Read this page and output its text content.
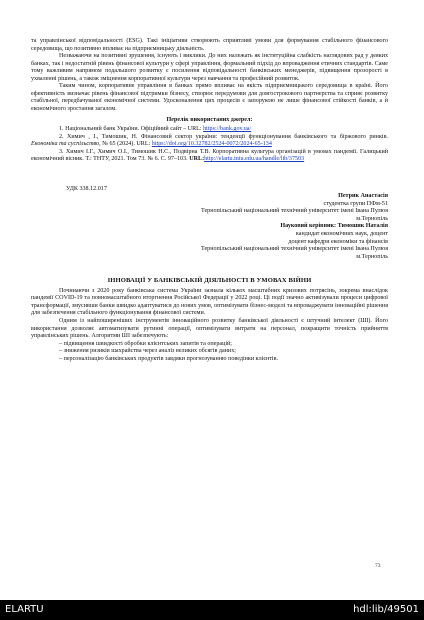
та управлінської відповідальності (ESG). Такі ініціативи створюють сприятливі умови для формування стабільного фінансового середовища, що позитивно впливає на підприємницьку діяльність.

Незважаючи на позитивні зрушення, існують і виклики. До них належать як інституційна слабкість наглядових рад у деяких банках, так і недостатній рівень фінансової культури у сфері управління, формальний підхід до впровадження етичних стандартів. Саме тому важливим напрямом подальшого розвитку є посилення відповідальності банківських менеджерів, підвищення прозорості в ухваленні рішень, а також зміцнення корпоративної культури через навчання та професійний розвиток.

Таким чином, корпоративне управління в банках прямо впливає на якість підприємницького середовища в країні. Його ефективність визначає рівень фінансової підтримки бізнесу, створює передумови для довгострокового партнерства та сприяє розвитку стабільної, передбачуваної економічної системи. Удосконалення цих процесів є запорукою не лише фінансової стійкості банків, а й економічного зростання загалом.

Перелік використаних джерел:

1. Національний банк України. Офіційний сайт – URL: https://bank.gov.ua/

2. Химич , І., Тимошик, Н. Фінансовий сектор україни: тенденції функціонування банківського та біржового ринків. Економіка та суспільство, № 65 (2024). URL: https://doi.org/10.32782/2524-0072/2024-65-134

3. Химич І.Г., Химич О.І., Тимошик Н.С., Подвірна Т.В. Корпоративна культура організацій в умовах пандемії. Галицький економічний вісник. Т.: ТНТУ, 2021. Том 73. № 6. С. 97–103. URL:http://elartu.tntu.edu.ua/handle/lib/37503

УДК 338.12.017

Петрик Анастасія

студентка групи ПФм-51

Тернопільський національний технічний університет імені Івана Пулюя

м.Тернопіль

Науковий керівник: Тимошик Наталія

кандидат економічних наук, доцент

доцент кафедри економіки та фінансів

Тернопільський національний технічний університет імені Івана Пулюя

м.Тернопіль

ІННОВАЦІЇ У БАНКІВСЬКІЙ ДІЯЛЬНОСТІ В УМОВАХ ВІЙНИ

Починаючи з 2020 року банківська система України зазнала кількох масштабних кризових потрясінь, зокрема внаслідок пандемії COVID-19 та повномасштабного вторгнення Російської Федерації у 2022 році. Ці події значно активізували процеси цифрової трансформації, змусивши банки швидко адаптуватися до нових умов, оптимізувати бізнес-моделі та впроваджувати інноваційні рішення для забезпечення стабільного функціонування фінансової системи.

Одним із найпоширеніших інструментів інноваційного розвитку банківської діяльності є штучний інтелект (ШІ). Його використання дозволяє автоматизувати рутинні операції, оптимізувати витрати на персонал, покращити точність прийняття управлінських рішень. Алгоритми ШІ забезпечують:

– підвищення швидкості обробки клієнтських запитів та операцій;

– зниження ризиків шахрайства через аналіз великих обсягів даних;

– персоналізацію банківських продуктів завдяки прогнозуванню поведінки клієнтів.

73
ELARTU	hdl:lib/49501
